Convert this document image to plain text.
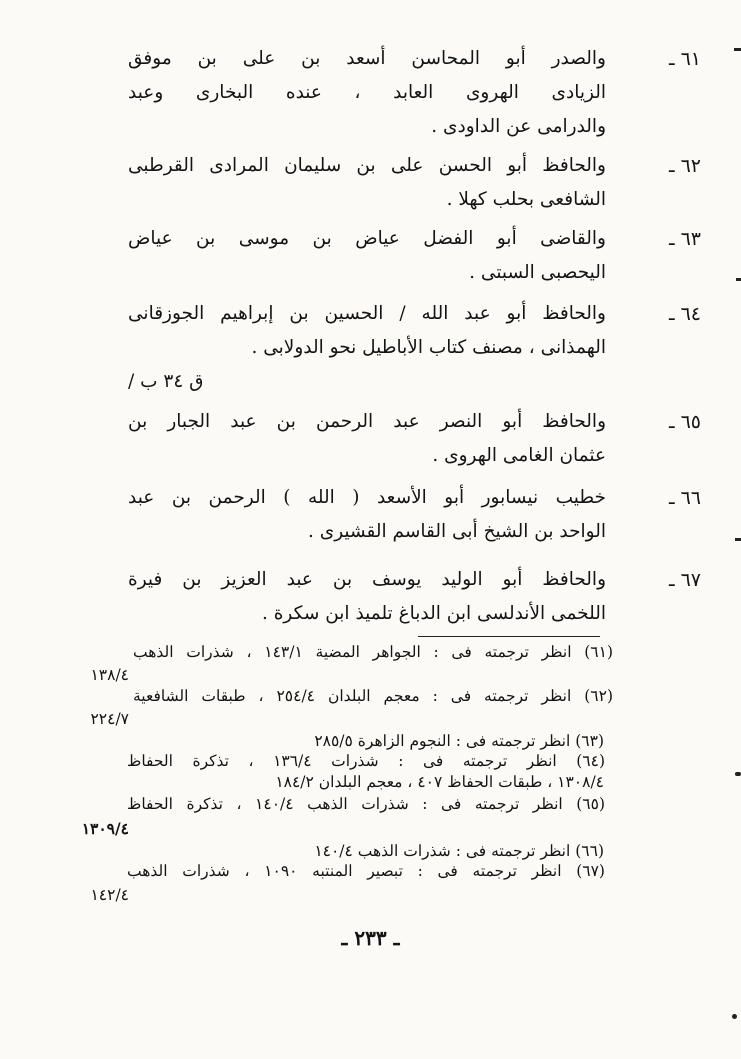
٦١ ـ
والصدر أبو المحاسن أسعد بن على بن موفق
الزيادى الهروى العابد ، عنده البخارى وعبد
والدرامى عن الداودى .
٦٢ ـ
والحافظ أبو الحسن على بن سليمان المرادى القرطبى
الشافعى بحلب كهلا .
٦٣ ـ
والقاضى أبو الفضل عياض بن موسى بن عياض
اليحصبى السبتى .
٦٤ ـ
والحافظ أبو عبد الله / الحسين بن إبراهيم الجوزقانى
الهمذانى ، مصنف كتاب الأباطيل نحو الدولابى .
/ ق ٣٤ ب
٦٥ ـ
والحافظ أبو النصر عبد الرحمن بن عبد الجبار بن
عثمان الغامى الهروى .
٦٦ ـ
خطيب نيسابور أبو الأسعد ( الله ) الرحمن بن عبد
الواحد بن الشيخ أبى القاسم القشيرى .
٦٧ ـ
والحافظ أبو الوليد يوسف بن عبد العزيز بن فيرة
اللخمى الأندلسى ابن الدباغ تلميذ ابن سكرة .
(٦١) انظر ترجمته فى : الجواهر المضية ١٤٣/١ ، شذرات الذهب
١٣٨/٤
(٦٢) انظر ترجمته فى : معجم البلدان ٢٥٤/٤ ، طبقات الشافعية
٢٢٤/٧
(٦٣) انظر ترجمته فى : النجوم الزاهرة ٢٨٥/٥
(٦٤) انظر ترجمته فى : شذرات ١٣٦/٤ ، تذكرة الحفاظ
١٣٠٨/٤ ، طبقات الحفاظ ٤٠٧ ، معجم البلدان ١٨٤/٢
(٦٥) انظر ترجمته فى : شذرات الذهب ١٤٠/٤ ، تذكرة الحفاظ
١٣٠٩/٤
(٦٦) انظر ترجمته فى : شذرات الذهب ١٤٠/٤
(٦٧) انظر ترجمته فى : تبصير المنتبه ١٠٩٠ ، شذرات الذهب
١٤٢/٤
ـ ٢٣٣ ـ
